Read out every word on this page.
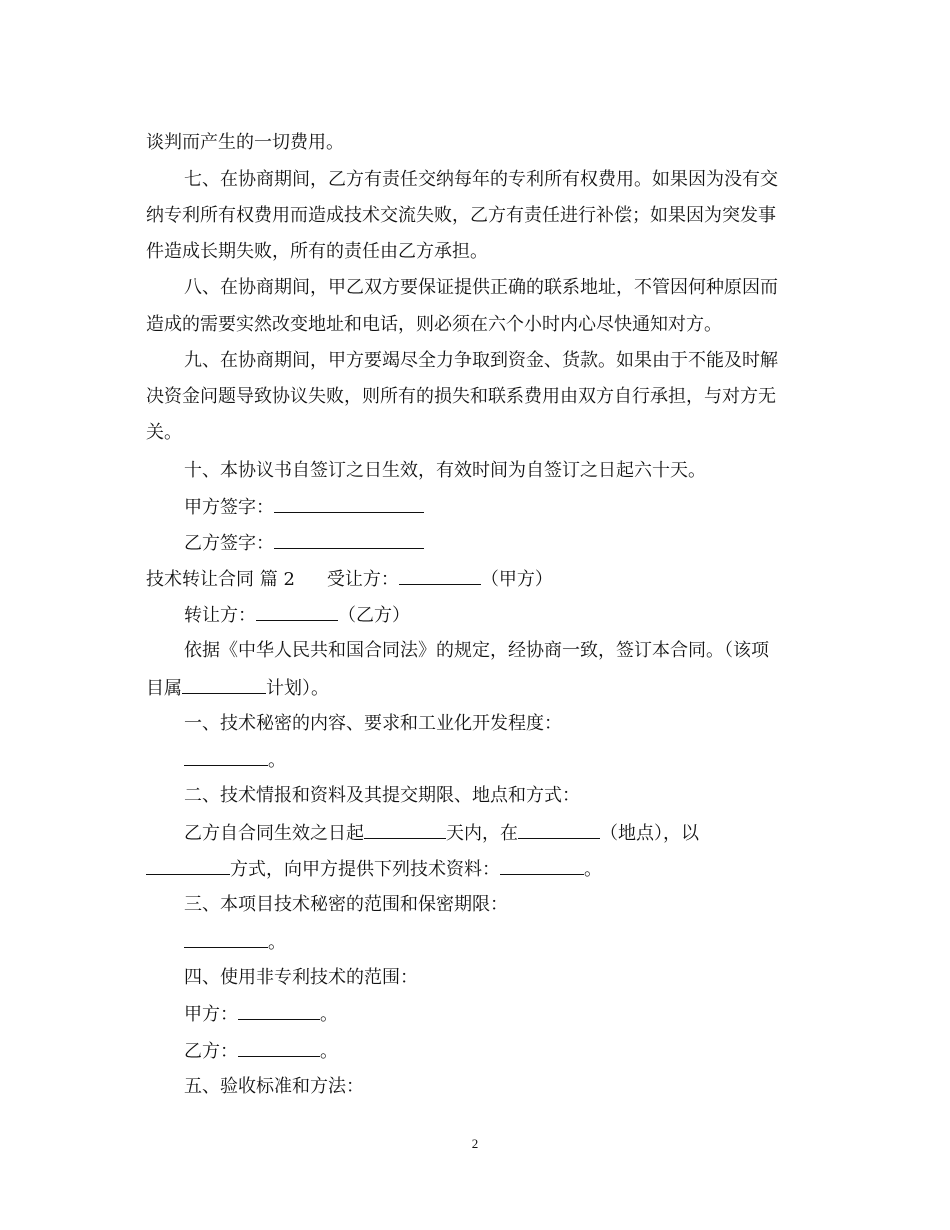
谈判而产生的一切费用。
七、在协商期间，乙方有责任交纳每年的专利所有权费用。如果因为没有交
纳专利所有权费用而造成技术交流失败，乙方有责任进行补偿；如果因为突发事
件造成长期失败，所有的责任由乙方承担。
八、在协商期间，甲乙双方要保证提供正确的联系地址，不管因何种原因而
造成的需要实然改变地址和电话，则必须在六个小时内心尽快通知对方。
九、在协商期间，甲方要竭尽全力争取到资金、货款。如果由于不能及时解
决资金问题导致协议失败，则所有的损失和联系费用由双方自行承担，与对方无
关。
十、本协议书自签订之日生效，有效时间为自签订之日起六十天。
甲方签字：
乙方签字：
技术转让合同 篇 2 受让方：	（甲方）
转让方：	（乙方）
依据《中华人民共和国合同法》的规定，经协商一致，签订本合同。（该项
目属	计划）。
一、技术秘密的内容、要求和工业化开发程度：
。
二、技术情报和资料及其提交期限、地点和方式：
乙方自合同生效之日起	天内，在	（地点），以
方式，向甲方提供下列技术资料：	。
三、本项目技术秘密的范围和保密期限：
。
四、使用非专利技术的范围：
甲方：	。
乙方：	。
五、验收标准和方法：
2
